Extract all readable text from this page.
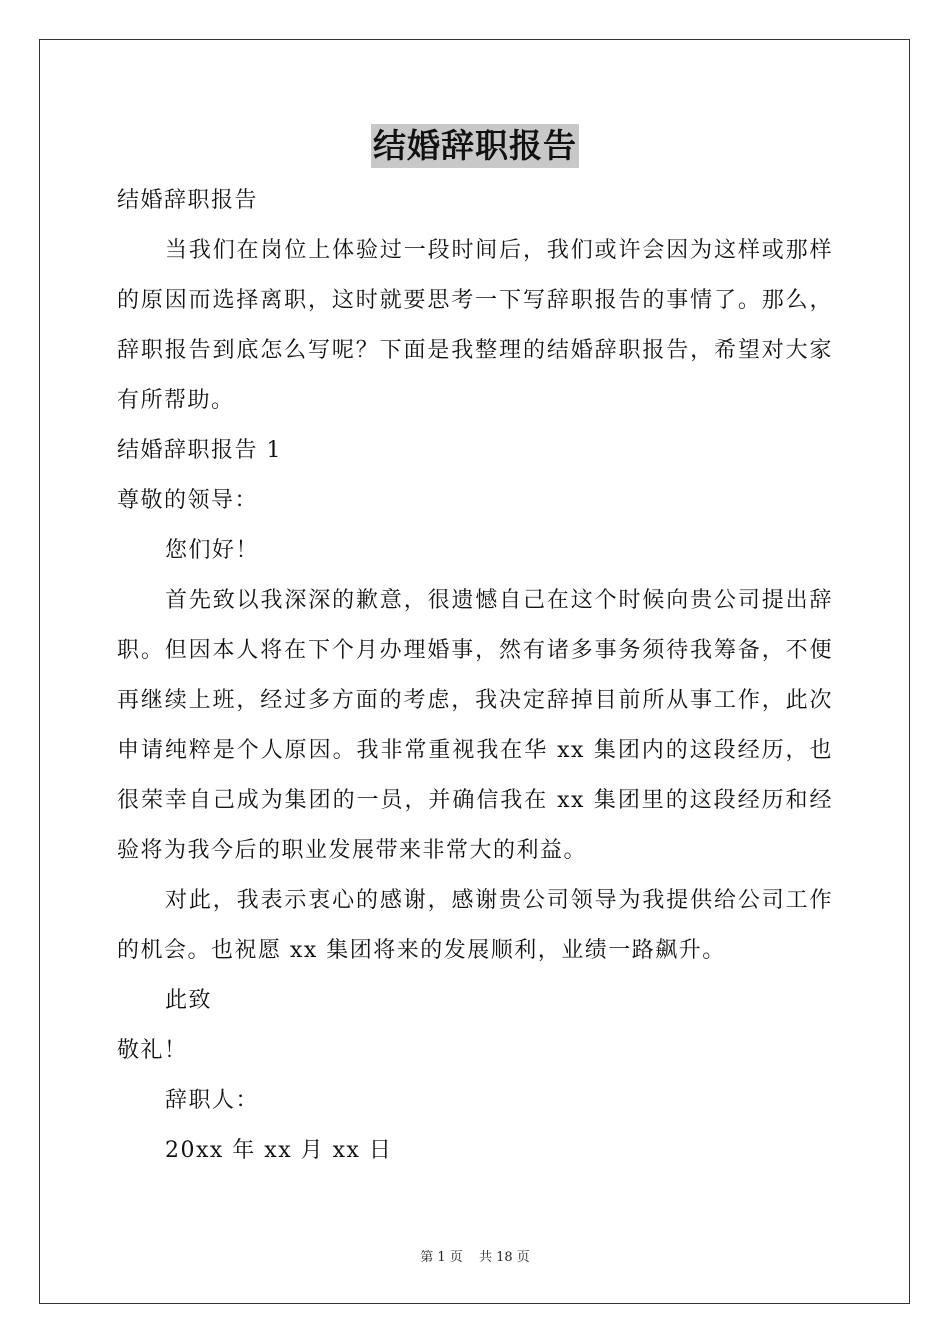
结婚辞职报告

结婚辞职报告

当我们在岗位上体验过一段时间后，我们或许会因为这样或那样的原因而选择离职，这时就要思考一下写辞职报告的事情了。那么，辞职报告到底怎么写呢？下面是我整理的结婚辞职报告，希望对大家有所帮助。

结婚辞职报告 1

尊敬的领导：

您们好！

首先致以我深深的歉意，很遗憾自己在这个时候向贵公司提出辞职。但因本人将在下个月办理婚事，然有诸多事务须待我筹备，不便再继续上班，经过多方面的考虑，我决定辞掉目前所从事工作，此次申请纯粹是个人原因。我非常重视我在华 xx 集团内的这段经历，也很荣幸自己成为集团的一员，并确信我在 xx 集团里的这段经历和经验将为我今后的职业发展带来非常大的利益。

对此，我表示衷心的感谢，感谢贵公司领导为我提供给公司工作的机会。也祝愿 xx 集团将来的发展顺利，业绩一路飙升。

此致

敬礼！

辞职人：

20xx 年 xx 月 xx 日

第 1 页 共 18 页
